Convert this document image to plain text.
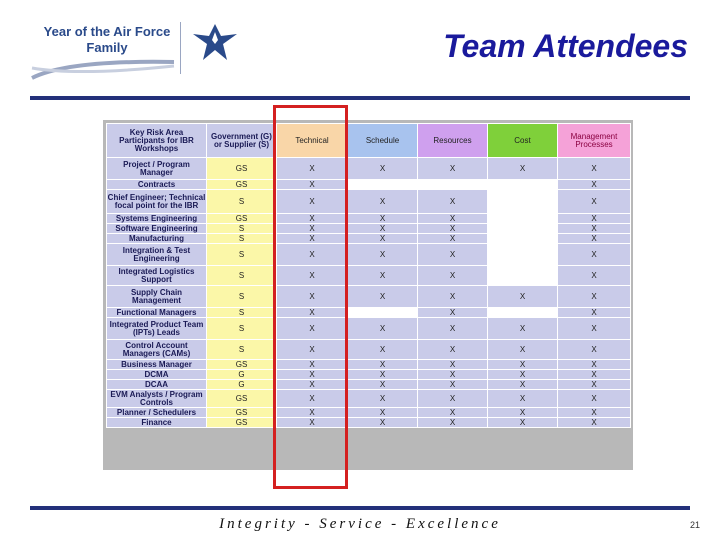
Year of the Air Force
Family	Team Attendees
Key Risk Area Participants for IBR Workshops	Government (G) or Supplier (S)	Technical	Schedule	Resources	Cost	Management Processes
Project / Program Manager	GS	X	X	X	X	X
Contracts	GS	X				X
Chief Engineer; Technical focal point for the IBR	S	X	X	X		X
Systems Engineering	GS	X	X	X		X
Software Engineering	S	X	X	X		X
Manufacturing	S	X	X	X		X
Integration & Test Engineering	S	X	X	X		X
Integrated Logistics Support	S	X	X	X		X
Supply Chain Management	S	X	X	X	X	X
Functional Managers	S	X		X		X
Integrated Product Team (IPTs) Leads	S	X	X	X	X	X
Control Account Managers (CAMs)	S	X	X	X	X	X
Business Manager	GS	X	X	X	X	X
DCMA	G	X	X	X	X	X
DCAA	G	X	X	X	X	X
EVM Analysts / Program Controls	GS	X	X	X	X	X
Planner / Schedulers	GS	X	X	X	X	X
Finance	GS	X	X	X	X	X
Integrity - Service - Excellence	21
